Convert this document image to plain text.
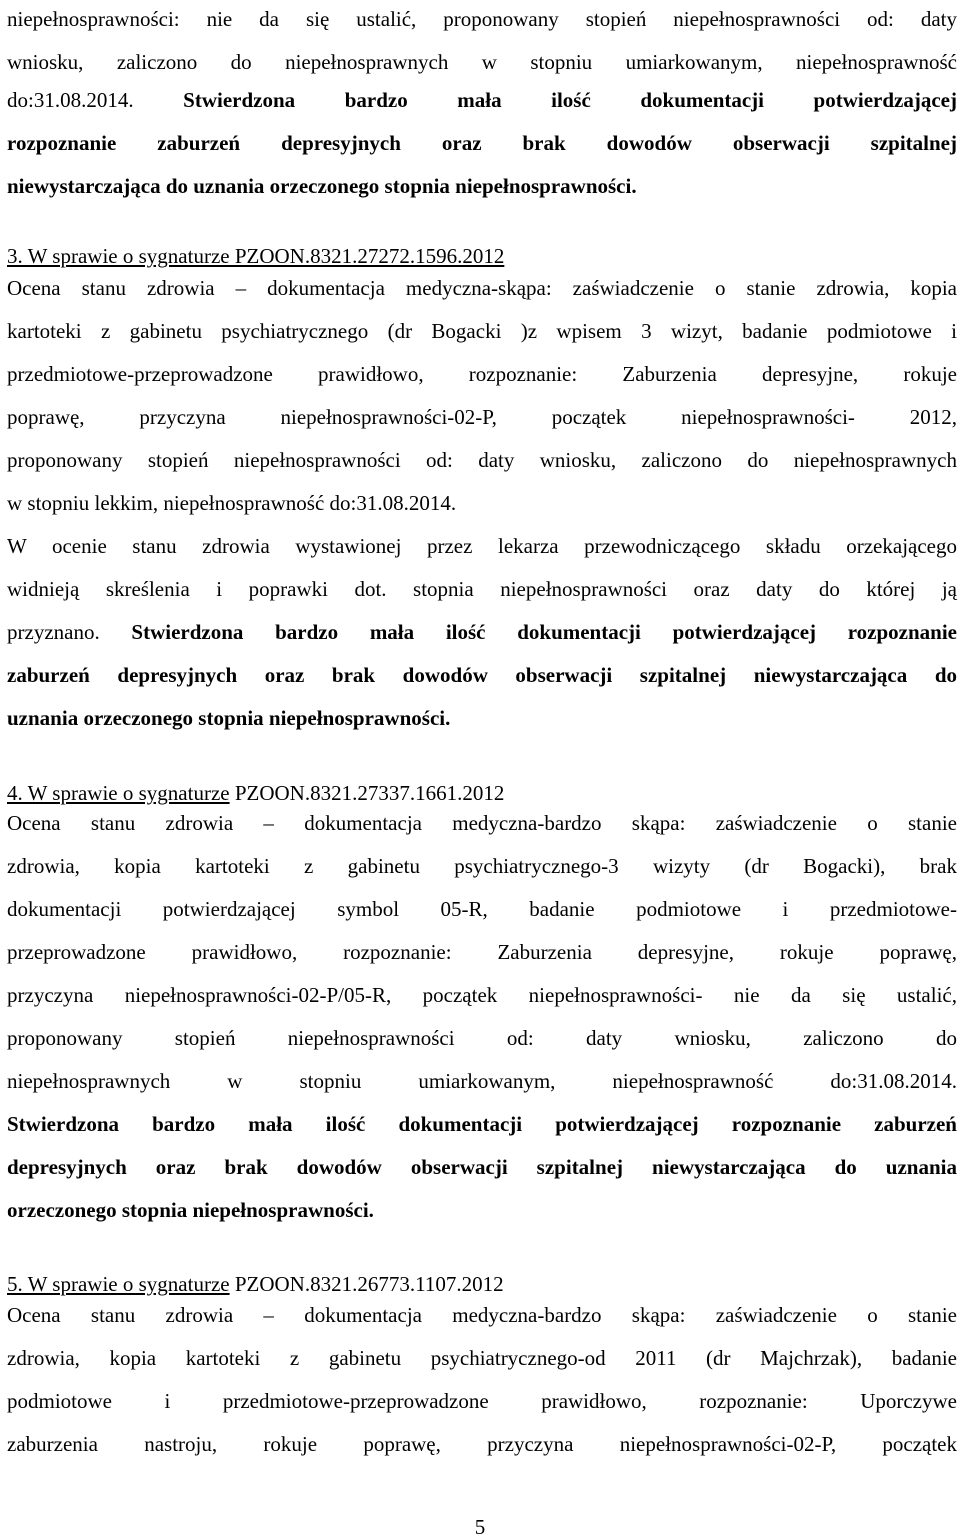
niepełnosprawności: nie da się ustalić, proponowany stopień niepełnosprawności od: daty
wniosku, zaliczono do niepełnosprawnych w stopniu umiarkowanym, niepełnosprawność
do:31.08.2014. Stwierdzona bardzo mała ilość dokumentacji potwierdzającej
rozpoznanie zaburzeń depresyjnych oraz brak dowodów obserwacji szpitalnej
niewystarczająca do uznania orzeczonego stopnia niepełnosprawności.
3. W sprawie o sygnaturze PZOON.8321.27272.1596.2012
Ocena stanu zdrowia – dokumentacja medyczna-skąpa: zaświadczenie o stanie zdrowia, kopia
kartoteki z gabinetu psychiatrycznego (dr Bogacki )z wpisem 3 wizyt, badanie podmiotowe i
przedmiotowe-przeprowadzone prawidłowo, rozpoznanie: Zaburzenia depresyjne, rokuje
poprawę, przyczyna niepełnosprawności-02-P, początek niepełnosprawności- 2012,
proponowany stopień niepełnosprawności od: daty wniosku, zaliczono do niepełnosprawnych
w stopniu lekkim, niepełnosprawność do:31.08.2014.
W ocenie stanu zdrowia wystawionej przez lekarza przewodniczącego składu orzekającego
widnieją skreślenia i poprawki dot. stopnia niepełnosprawności oraz daty do której ją
przyznano. Stwierdzona bardzo mała ilość dokumentacji potwierdzającej rozpoznanie
zaburzeń depresyjnych oraz brak dowodów obserwacji szpitalnej niewystarczająca do
uznania orzeczonego stopnia niepełnosprawności.
4. W sprawie o sygnaturze PZOON.8321.27337.1661.2012
Ocena stanu zdrowia – dokumentacja medyczna-bardzo skąpa: zaświadczenie o stanie
zdrowia, kopia kartoteki z gabinetu psychiatrycznego-3 wizyty (dr Bogacki), brak
dokumentacji potwierdzającej symbol 05-R, badanie podmiotowe i przedmiotowe-
przeprowadzone prawidłowo, rozpoznanie: Zaburzenia depresyjne, rokuje poprawę,
przyczyna niepełnosprawności-02-P/05-R, początek niepełnosprawności- nie da się ustalić,
proponowany stopień niepełnosprawności od: daty wniosku, zaliczono do
niepełnosprawnych w stopniu umiarkowanym, niepełnosprawność do:31.08.2014.
Stwierdzona bardzo mała ilość dokumentacji potwierdzającej rozpoznanie zaburzeń
depresyjnych oraz brak dowodów obserwacji szpitalnej niewystarczająca do uznania
orzeczonego stopnia niepełnosprawności.
5. W sprawie o sygnaturze PZOON.8321.26773.1107.2012
Ocena stanu zdrowia – dokumentacja medyczna-bardzo skąpa: zaświadczenie o stanie
zdrowia, kopia kartoteki z gabinetu psychiatrycznego-od 2011 (dr Majchrzak), badanie
podmiotowe i przedmiotowe-przeprowadzone prawidłowo, rozpoznanie: Uporczywe
zaburzenia nastroju, rokuje poprawę, przyczyna niepełnosprawności-02-P, początek
5
